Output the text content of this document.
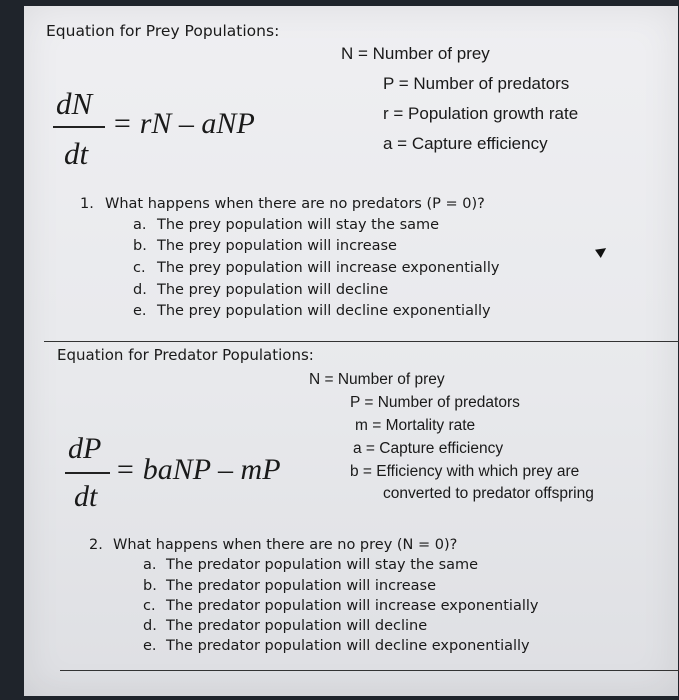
Equation for Prey Populations:
N = Number of prey
P = Number of predators
r = Population growth rate
a = Capture efficiency
dN
dt
= rN – aNP
1. What happens when there are no predators (P = 0)?
a. The prey population will stay the same
b. The prey population will increase
c. The prey population will increase exponentially
d. The prey population will decline
e. The prey population will decline exponentially
Equation for Predator Populations:
N = Number of prey
P = Number of predators
m = Mortality rate
a = Capture efficiency
b = Efficiency with which prey are
converted to predator offspring
dP
dt
= baNP – mP
2. What happens when there are no prey (N = 0)?
a. The predator population will stay the same
b. The predator population will increase
c. The predator population will increase exponentially
d. The predator population will decline
e. The predator population will decline exponentially
